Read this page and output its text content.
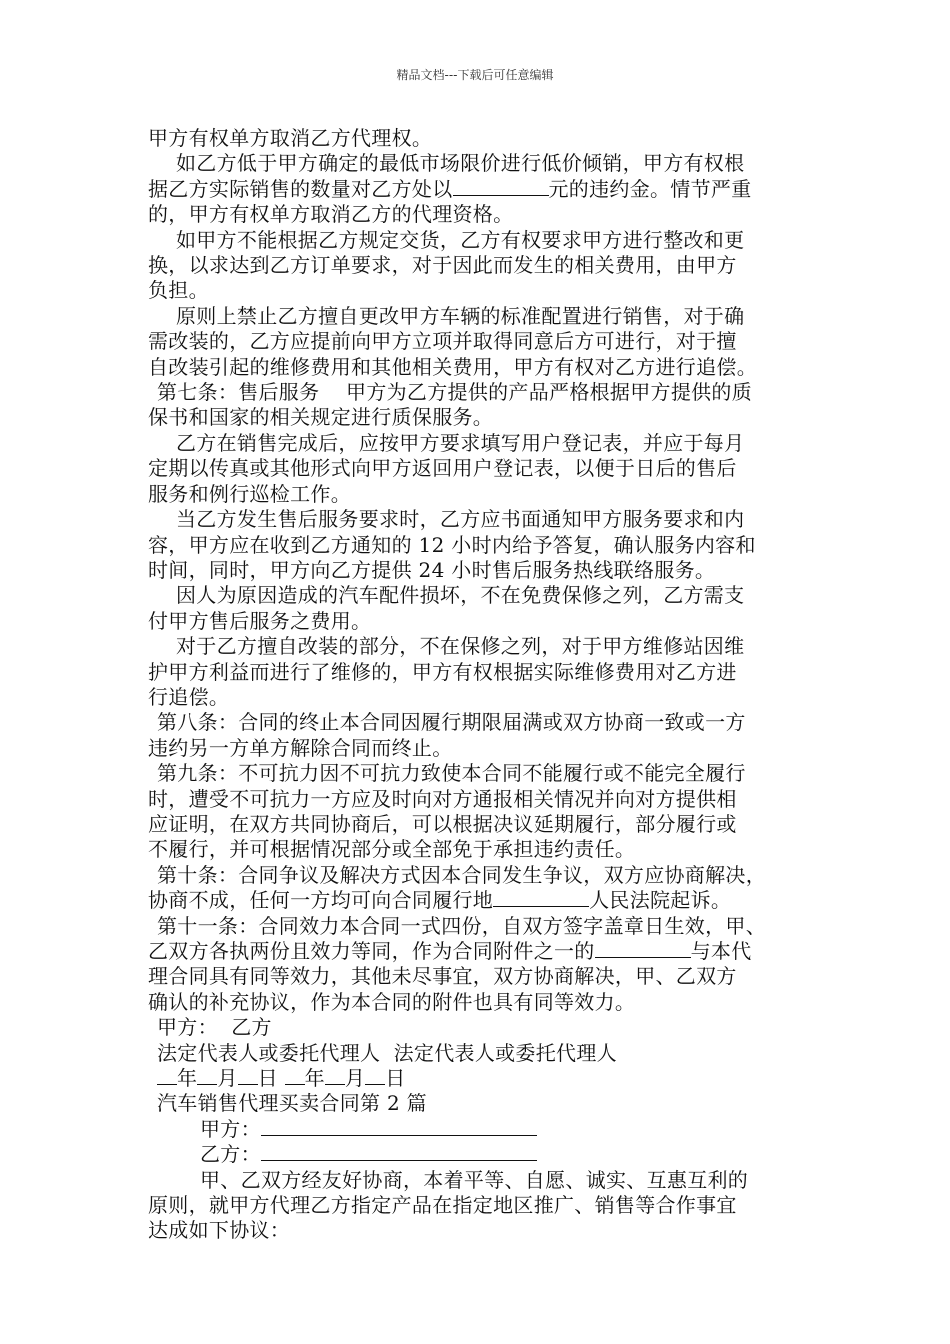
精品文档---下载后可任意编辑
甲方有权单方取消乙方代理权。
如乙方低于甲方确定的最低市场限价进行低价倾销，甲方有权根
据乙方实际销售的数量对乙方处以	元的违约金。情节严重
的，甲方有权单方取消乙方的代理资格。
如甲方不能根据乙方规定交货，乙方有权要求甲方进行整改和更
换，以求达到乙方订单要求，对于因此而发生的相关费用，由甲方
负担。
原则上禁止乙方擅自更改甲方车辆的标准配置进行销售，对于确
需改装的，乙方应提前向甲方立项并取得同意后方可进行，对于擅
自改装引起的维修费用和其他相关费用，甲方有权对乙方进行追偿。
第七条：售后服务    甲方为乙方提供的产品严格根据甲方提供的质
保书和国家的相关规定进行质保服务。
乙方在销售完成后，应按甲方要求填写用户登记表，并应于每月
定期以传真或其他形式向甲方返回用户登记表，以便于日后的售后
服务和例行巡检工作。
当乙方发生售后服务要求时，乙方应书面通知甲方服务要求和内
容，甲方应在收到乙方通知的 12 小时内给予答复，确认服务内容和
时间，同时，甲方向乙方提供 24 小时售后服务热线联络服务。
因人为原因造成的汽车配件损坏，不在免费保修之列，乙方需支
付甲方售后服务之费用。
对于乙方擅自改装的部分，不在保修之列，对于甲方维修站因维
护甲方利益而进行了维修的，甲方有权根据实际维修费用对乙方进
行追偿。
第八条：合同的终止本合同因履行期限届满或双方协商一致或一方
违约另一方单方解除合同而终止。
第九条：不可抗力因不可抗力致使本合同不能履行或不能完全履行
时，遭受不可抗力一方应及时向对方通报相关情况并向对方提供相
应证明，在双方共同协商后，可以根据决议延期履行，部分履行或
不履行，并可根据情况部分或全部免于承担违约责任。
第十条：合同争议及解决方式因本合同发生争议，双方应协商解决，
协商不成，任何一方均可向合同履行地	人民法院起诉。
第十一条：合同效力本合同一式四份，自双方签字盖章日生效，甲、
乙双方各执两份且效力等同，作为合同附件之一的	与本代
理合同具有同等效力，其他未尽事宜，双方协商解决，甲、乙双方
确认的补充协议，作为本合同的附件也具有同等效力。
甲方：  乙方
法定代表人或委托代理人  法定代表人或委托代理人
年 月 日 年 月 日
汽车销售代理买卖合同第 2 篇
甲方：
乙方：
甲、乙双方经友好协商，本着平等、自愿、诚实、互惠互利的
原则，就甲方代理乙方指定产品在指定地区推广、销售等合作事宜
达成如下协议：
